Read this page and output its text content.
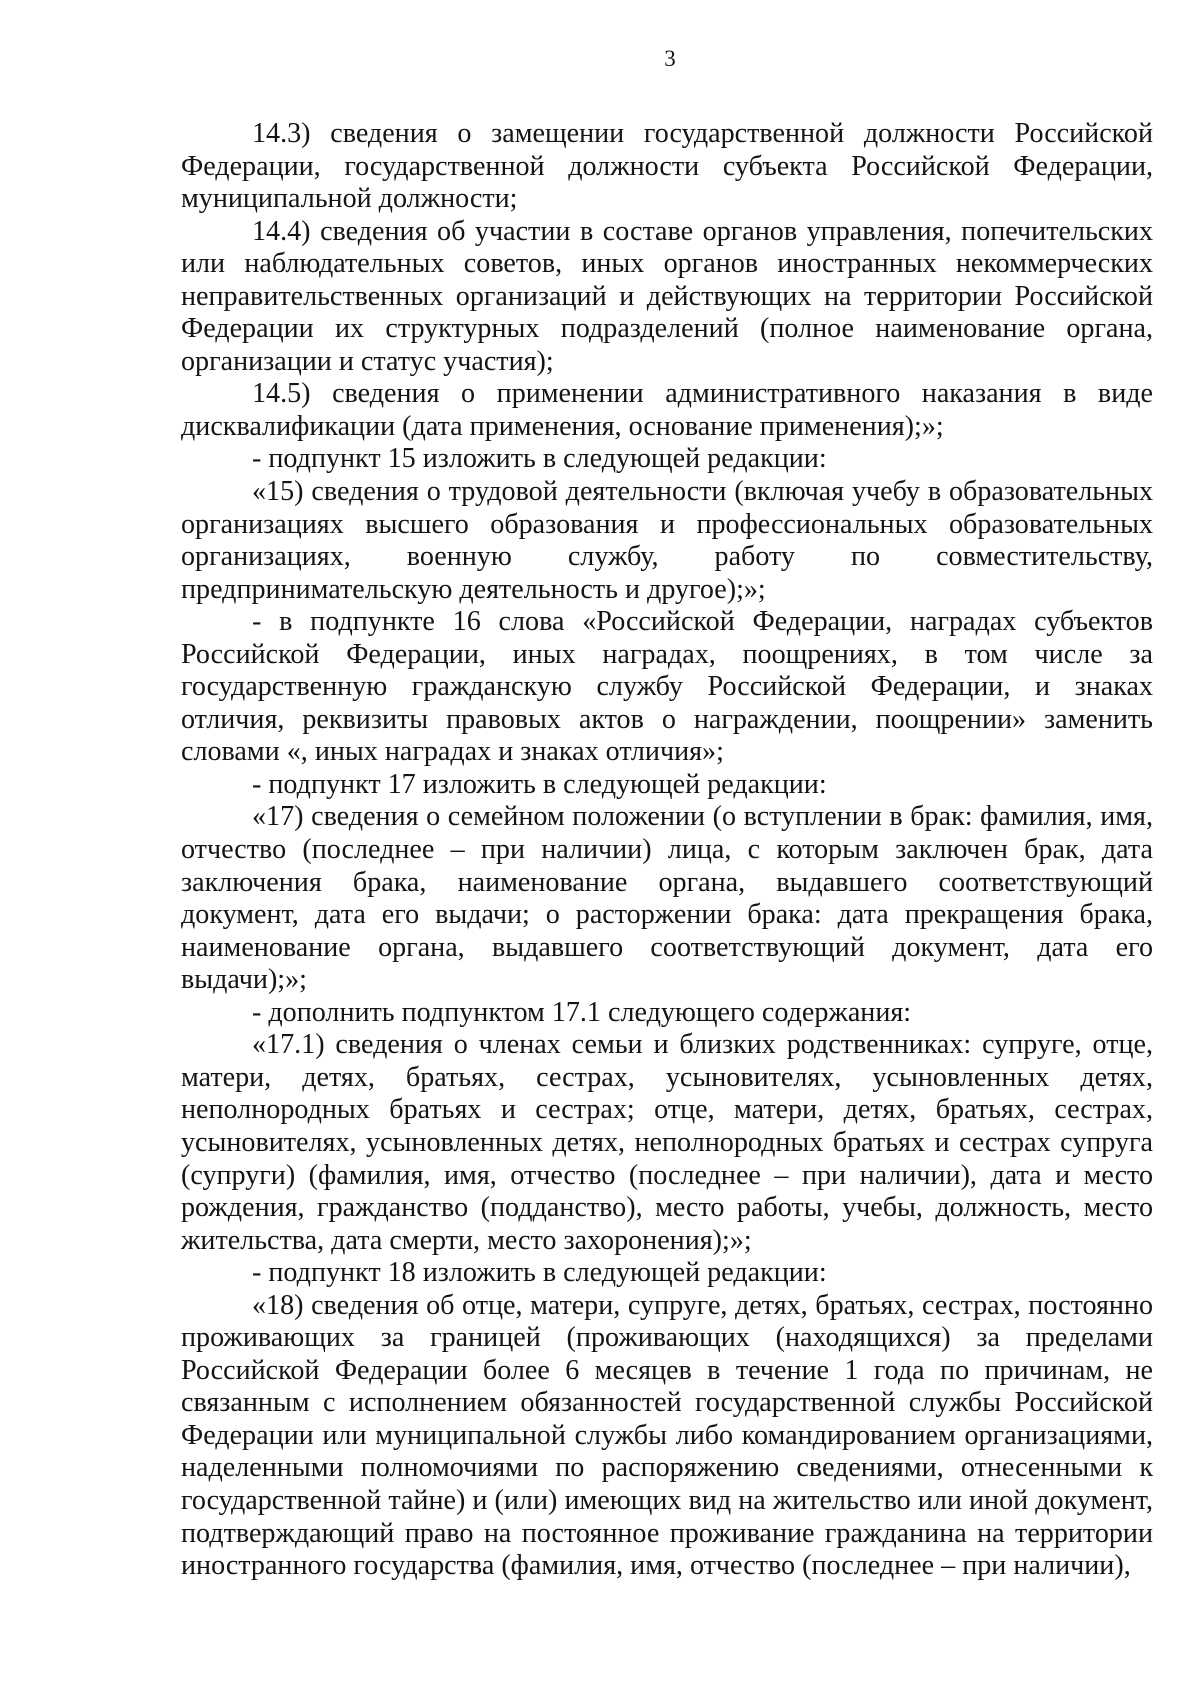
3

14.3) сведения о замещении государственной должности Российской Федерации, государственной должности субъекта Российской Федерации, муниципальной должности;

14.4) сведения об участии в составе органов управления, попечительских или наблюдательных советов, иных органов иностранных некоммерческих неправительственных организаций и действующих на территории Российской Федерации их структурных подразделений (полное наименование органа, организации и статус участия);

14.5) сведения о применении административного наказания в виде дисквалификации (дата применения, основание применения);»;

- подпункт 15 изложить в следующей редакции:

«15) сведения о трудовой деятельности (включая учебу в образовательных организациях высшего образования и профессиональных образовательных организациях, военную службу, работу по совместительству, предпринимательскую деятельность и другое);»;

- в подпункте 16 слова «Российской Федерации, наградах субъектов Российской Федерации, иных наградах, поощрениях, в том числе за государственную гражданскую службу Российской Федерации, и знаках отличия, реквизиты правовых актов о награждении, поощрении» заменить словами «, иных наградах и знаках отличия»;

- подпункт 17 изложить в следующей редакции:

«17) сведения о семейном положении (о вступлении в брак: фамилия, имя, отчество (последнее – при наличии) лица, с которым заключен брак, дата заключения брака, наименование органа, выдавшего соответствующий документ, дата его выдачи; о расторжении брака: дата прекращения брака, наименование органа, выдавшего соответствующий документ, дата его выдачи);»;

- дополнить подпунктом 17.1 следующего содержания:

«17.1) сведения о членах семьи и близких родственниках: супруге, отце, матери, детях, братьях, сестрах, усыновителях, усыновленных детях, неполнородных братьях и сестрах; отце, матери, детях, братьях, сестрах, усыновителях, усыновленных детях, неполнородных братьях и сестрах супруга (супруги) (фамилия, имя, отчество (последнее – при наличии), дата и место рождения, гражданство (подданство), место работы, учебы, должность, место жительства, дата смерти, место захоронения);»;

- подпункт 18 изложить в следующей редакции:

«18) сведения об отце, матери, супруге, детях, братьях, сестрах, постоянно проживающих за границей (проживающих (находящихся) за пределами Российской Федерации более 6 месяцев в течение 1 года по причинам, не связанным с исполнением обязанностей государственной службы Российской Федерации или муниципальной службы либо командированием организациями, наделенными полномочиями по распоряжению сведениями, отнесенными к государственной тайне) и (или) имеющих вид на жительство или иной документ, подтверждающий право на постоянное проживание гражданина на территории иностранного государства (фамилия, имя, отчество (последнее – при наличии),
